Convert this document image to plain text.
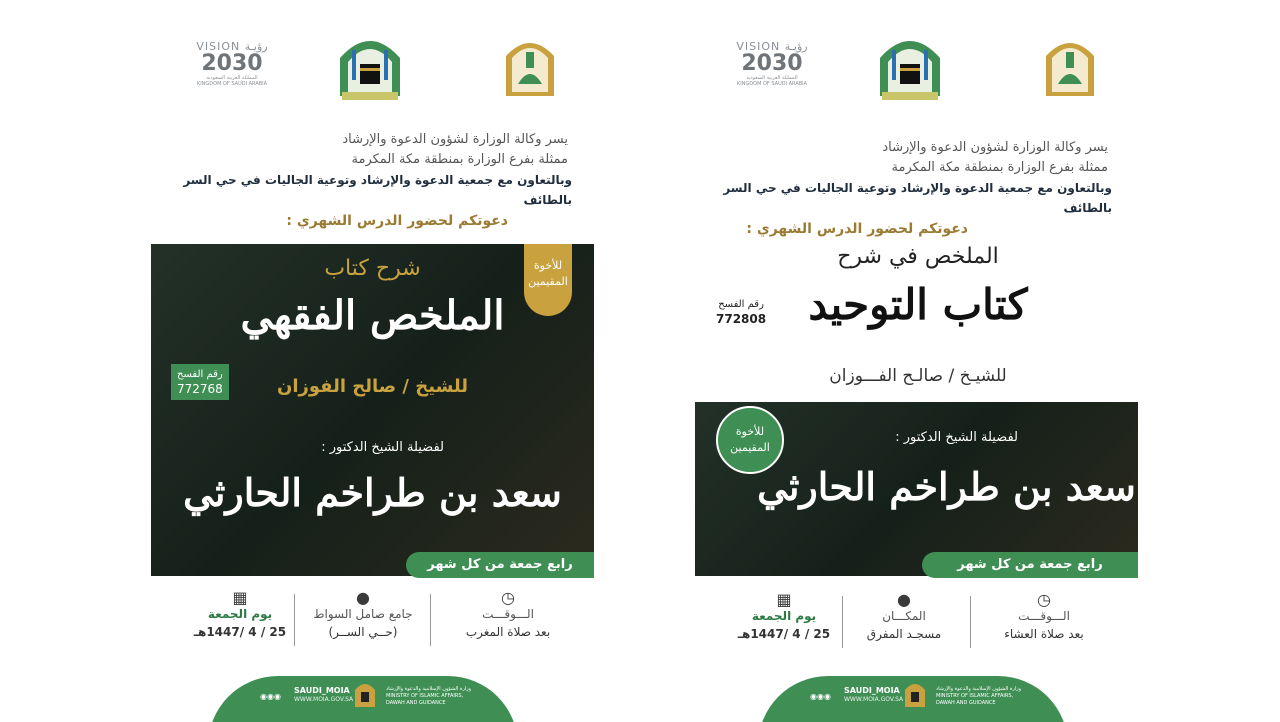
VISION رؤيـة
2030
المملكة العربية السعودية
KINGDOM OF SAUDI ARABIA
يسر وكالة الوزارة لشؤون الدعوة والإرشاد
ممثلة بفرع الوزارة بمنطقة مكة المكرمة
وبالتعاون مع جمعية الدعوة والإرشاد وتوعية الجاليات في حي السر بالطائف
دعوتكم لحضور الدرس الشهري :
للأخوة المقيمين
شرح كتاب
الملخص الفقهي
للشيخ / صالح الفوزان
رقم الفسح
772768
لفضيلة الشيخ الدكتور :
سعد بن طراخم الحارثي
رابع جمعة من كل شهر
◷
الـــوقـــت
بعد صلاة المغرب
●
جامع صامل السواط
(حــي الســر)
▦
يوم الجمعة
25 / 4 /1447هـ
◉◉◉
SAUDI_MOIA
WWW.MOIA.GOV.SA
وزارة الشؤون الإسلامية والدعوة والإرشاد
MINISTRY OF ISLAMIC AFFAIRS, DAWAH AND GUIDANCE
VISION رؤيـة
2030
المملكة العربية السعودية
KINGDOM OF SAUDI ARABIA
يسر وكالة الوزارة لشؤون الدعوة والإرشاد
ممثلة بفرع الوزارة بمنطقة مكة المكرمة
وبالتعاون مع جمعية الدعوة والإرشاد وتوعية الجاليات في حي السر بالطائف
دعوتكم لحضور الدرس الشهري :
الملخص في شرح
كتاب التوحيد
للشيـخ / صالـح الفـــوزان
رقم الفسح
772808
لفضيلة الشيخ الدكتور :
سعد بن طراخم الحارثي
للأخوة المقيمين
رابع جمعة من كل شهر
◷
الـــوقـــت
بعد صلاة العشاء
●
المكـــان
مسجـد المفرق
▦
يوم الجمعة
25 / 4 /1447هـ
◉◉◉
SAUDI_MOIA
WWW.MOIA.GOV.SA
وزارة الشؤون الإسلامية والدعوة والإرشاد
MINISTRY OF ISLAMIC AFFAIRS, DAWAH AND GUIDANCE
